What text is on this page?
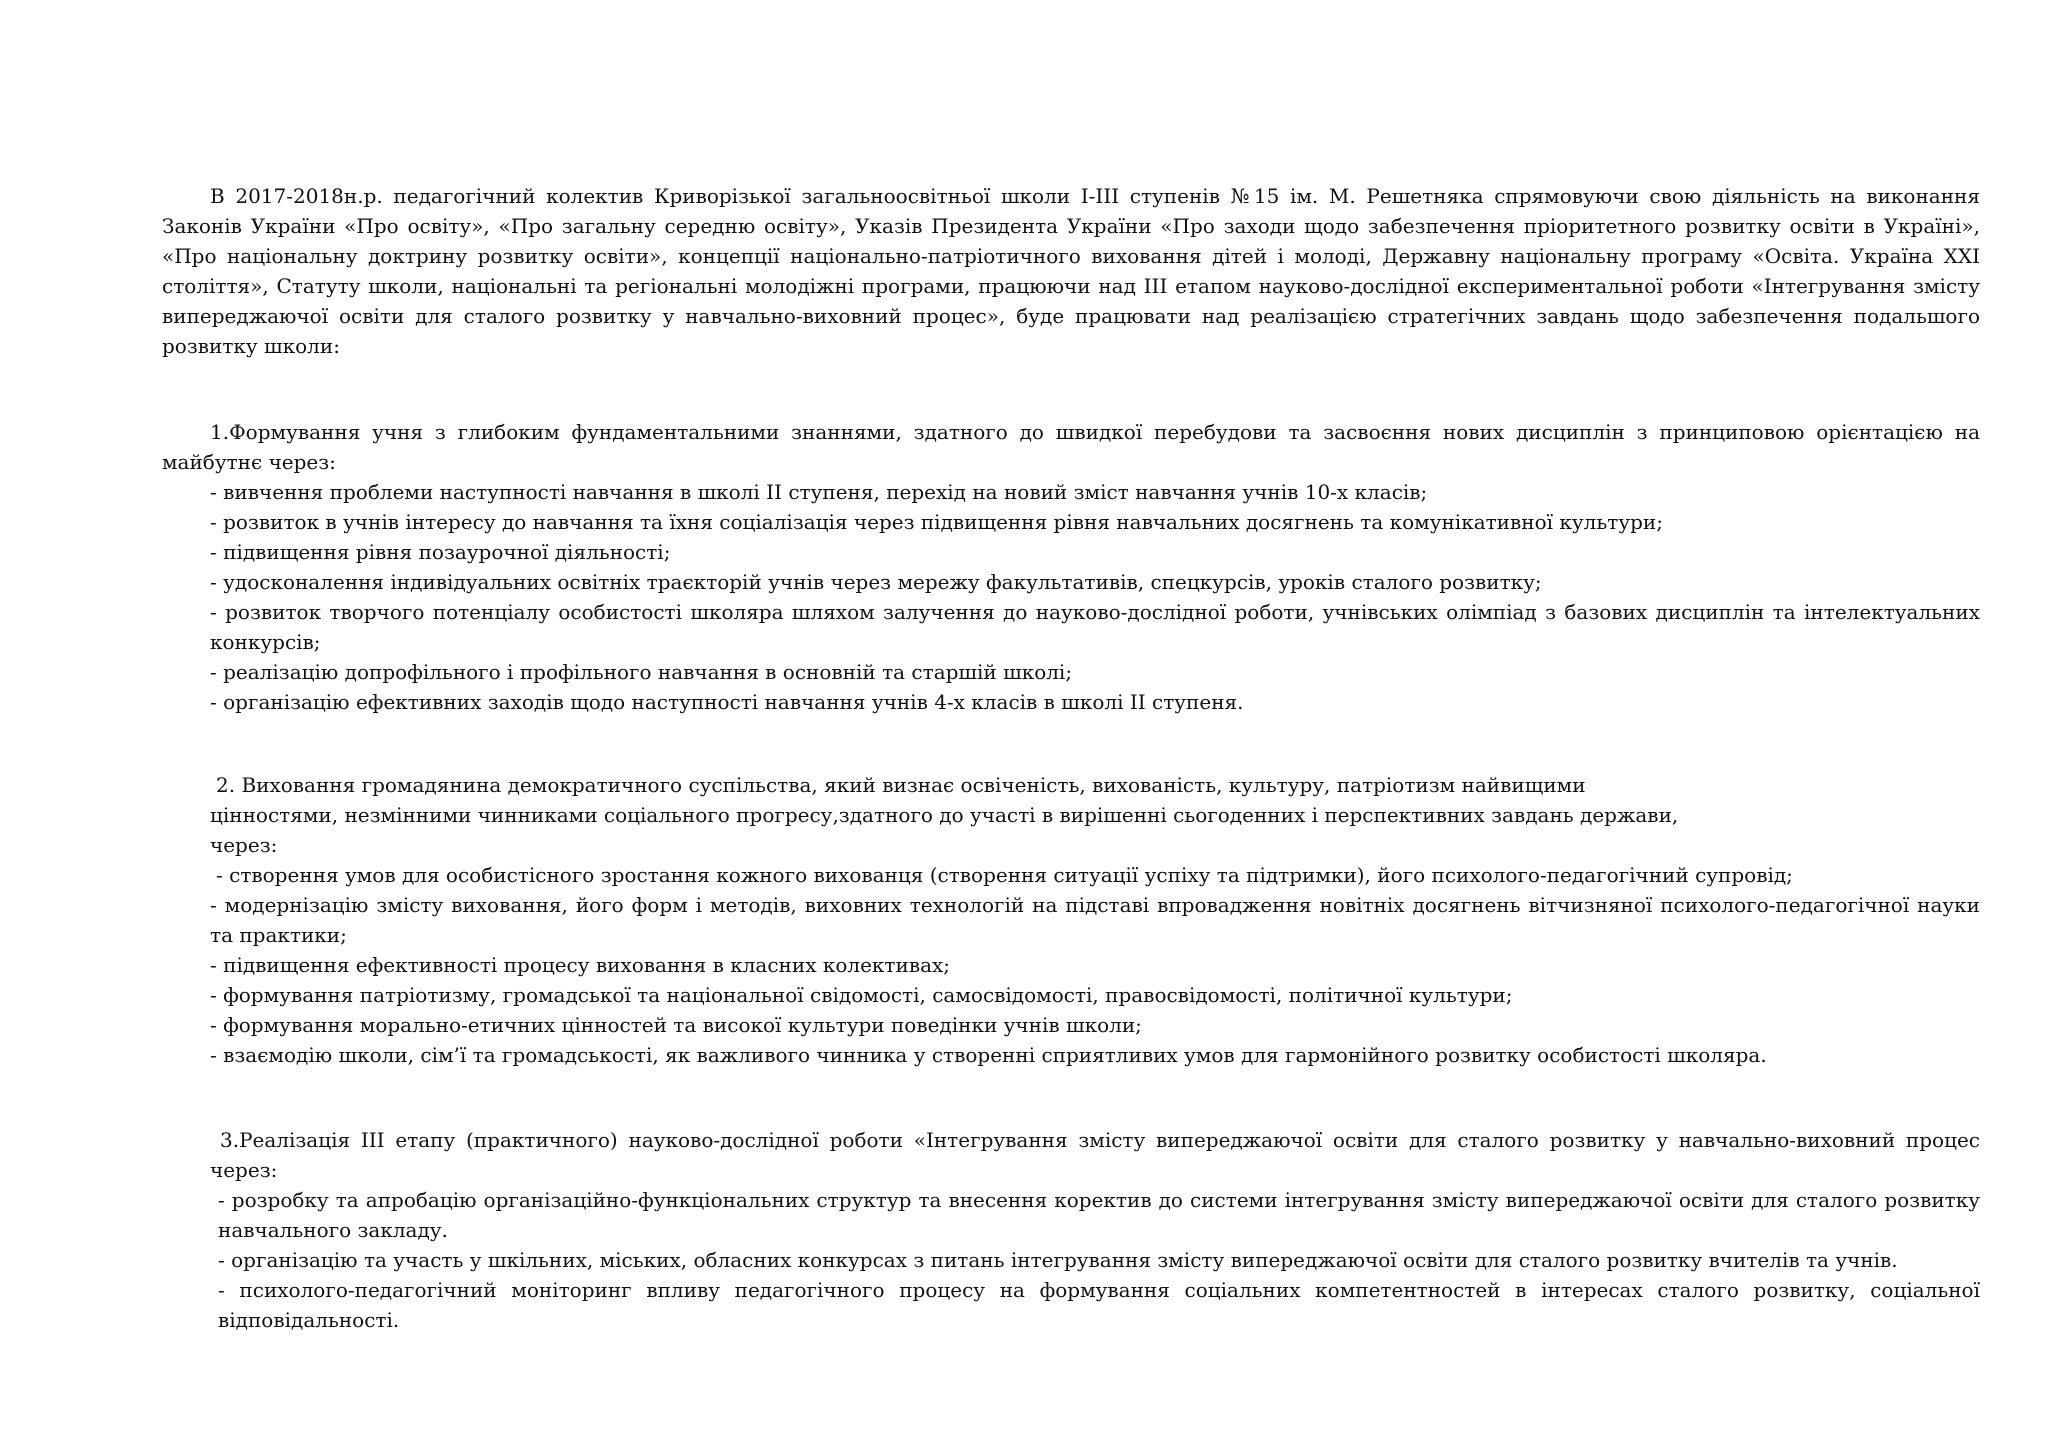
В 2017-2018н.р. педагогічний колектив Криворізької загальноосвітньої школи І-ІІІ ступенів №15 ім. М. Решетняка спрямовуючи свою діяльність на виконання Законів України «Про освіту», «Про загальну середню освіту», Указів Президента України «Про заходи щодо забезпечення пріоритетного розвитку освіти в Україні», «Про національну доктрину розвитку освіти», концепції національно-патріотичного виховання дітей і молоді, Державну національну програму «Освіта. Україна XXI століття», Статуту школи, національні та регіональні молодіжні програми, працюючи над ІІІ етапом науково-дослідної експериментальної роботи «Інтегрування змісту випереджаючої освіти для сталого розвитку у навчально-виховний процес», буде працювати над реалізацією стратегічних завдань щодо забезпечення подальшого розвитку школи:

1.Формування учня з глибоким фундаментальними знаннями, здатного до швидкої перебудови та засвоєння нових дисциплін з принциповою орієнтацією на майбутнє через:

- вивчення проблеми наступності навчання в школі ІІ ступеня, перехід на новий зміст навчання учнів 10-х класів;

- розвиток в учнів інтересу до навчання та їхня соціалізація через підвищення рівня навчальних досягнень та комунікативної культури;

- підвищення рівня позаурочної діяльності;

- удосконалення індивідуальних освітніх траєкторій учнів через мережу факультативів, спецкурсів, уроків сталого розвитку;

- розвиток творчого потенціалу особистості школяра шляхом залучення до науково-дослідної роботи, учнівських олімпіад з базових дисциплін та інтелектуальних конкурсів;

- реалізацію допрофільного і профільного навчання в основній та старшій школі;

- організацію ефективних заходів щодо наступності навчання учнів 4-х класів в школі ІІ ступеня.

2. Виховання громадянина демократичного суспільства, який визнає освіченість, вихованість, культуру, патріотизм найвищими цінностями, незмінними чинниками соціального прогресу,здатного до участі в вирішенні сьогоденних і перспективних завдань держави, через:

- створення умов для особистісного зростання кожного вихованця (створення ситуації успіху та підтримки), його психолого-педагогічний супровід;

- модернізацію змісту виховання, його форм і методів, виховних технологій на підставі впровадження новітніх досягнень вітчизняної психолого-педагогічної науки та практики;

- підвищення ефективності процесу виховання в класних колективах;

- формування патріотизму, громадської та національної свідомості, самосвідомості, правосвідомості, політичної культури;

- формування морально-етичних цінностей та високої культури поведінки учнів школи;

- взаємодію школи, сім’ї та громадськості, як важливого чинника у створенні сприятливих умов для гармонійного розвитку особистості школяра.

3.Реалізація ІІІ етапу (практичного) науково-дослідної роботи «Інтегрування змісту випереджаючої освіти для сталого розвитку у навчально-виховний процес через:

- розробку та апробацію організаційно-функціональних структур та внесення коректив до системи інтегрування змісту випереджаючої освіти для сталого розвитку навчального закладу.

- організацію та участь у шкільних, міських, обласних конкурсах з питань інтегрування змісту випереджаючої освіти для сталого розвитку вчителів та учнів.

- психолого-педагогічний моніторинг впливу педагогічного процесу на формування соціальних компетентностей в інтересах сталого розвитку, соціальної відповідальності.
